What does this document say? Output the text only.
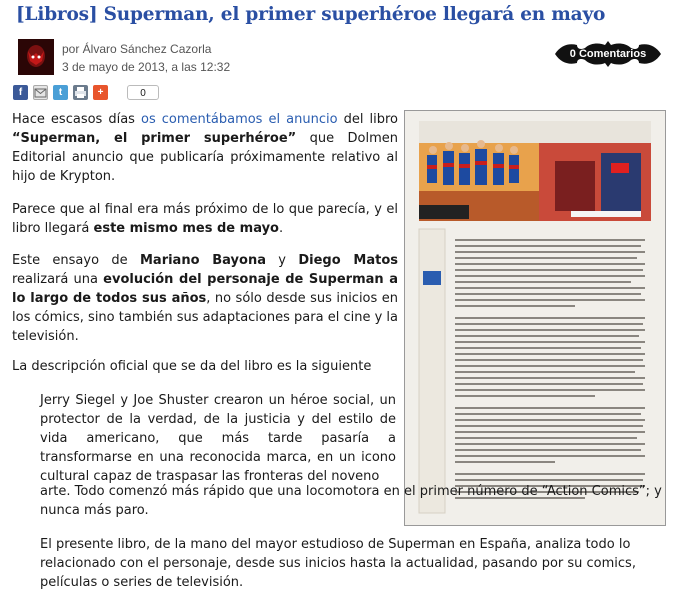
[Libros] Superman, el primer superhéroe llegará en mayo
por Álvaro Sánchez Cazorla
3 de mayo de 2013, a las 12:32
0 Comentarios
f	t	+	0

Hace escasos días os comentábamos el anuncio del libro “Superman, el primer superhéroe” que Dolmen Editorial anuncio que publicaría próximamente relativo al hijo de Krypton.

Parece que al final era más próximo de lo que parecía, y el libro llegará este mismo mes de mayo.

Este ensayo de Mariano Bayona y Diego Matos realizará una evolución del personaje de Superman a lo largo de todos sus años, no sólo desde sus inicios en los cómics, sino también sus adaptaciones para el cine y la televisión.

La descripción oficial que se da del libro es la siguiente

Jerry Siegel y Joe Shuster crearon un héroe social, un protector de la verdad, de la justicia y del estilo de vida americano, que más tarde pasaría a transformarse en una reconocida marca, en un icono cultural capaz de traspasar las fronteras del noveno

arte. Todo comenzó más rápido que una locomotora en el primer número de “Action Comics”; y nunca más paro.

El presente libro, de la mano del mayor estudioso de Superman en España, analiza todo lo relacionado con el personaje, desde sus inicios hasta la actualidad, pasando por su comics, películas o series de televisión.
